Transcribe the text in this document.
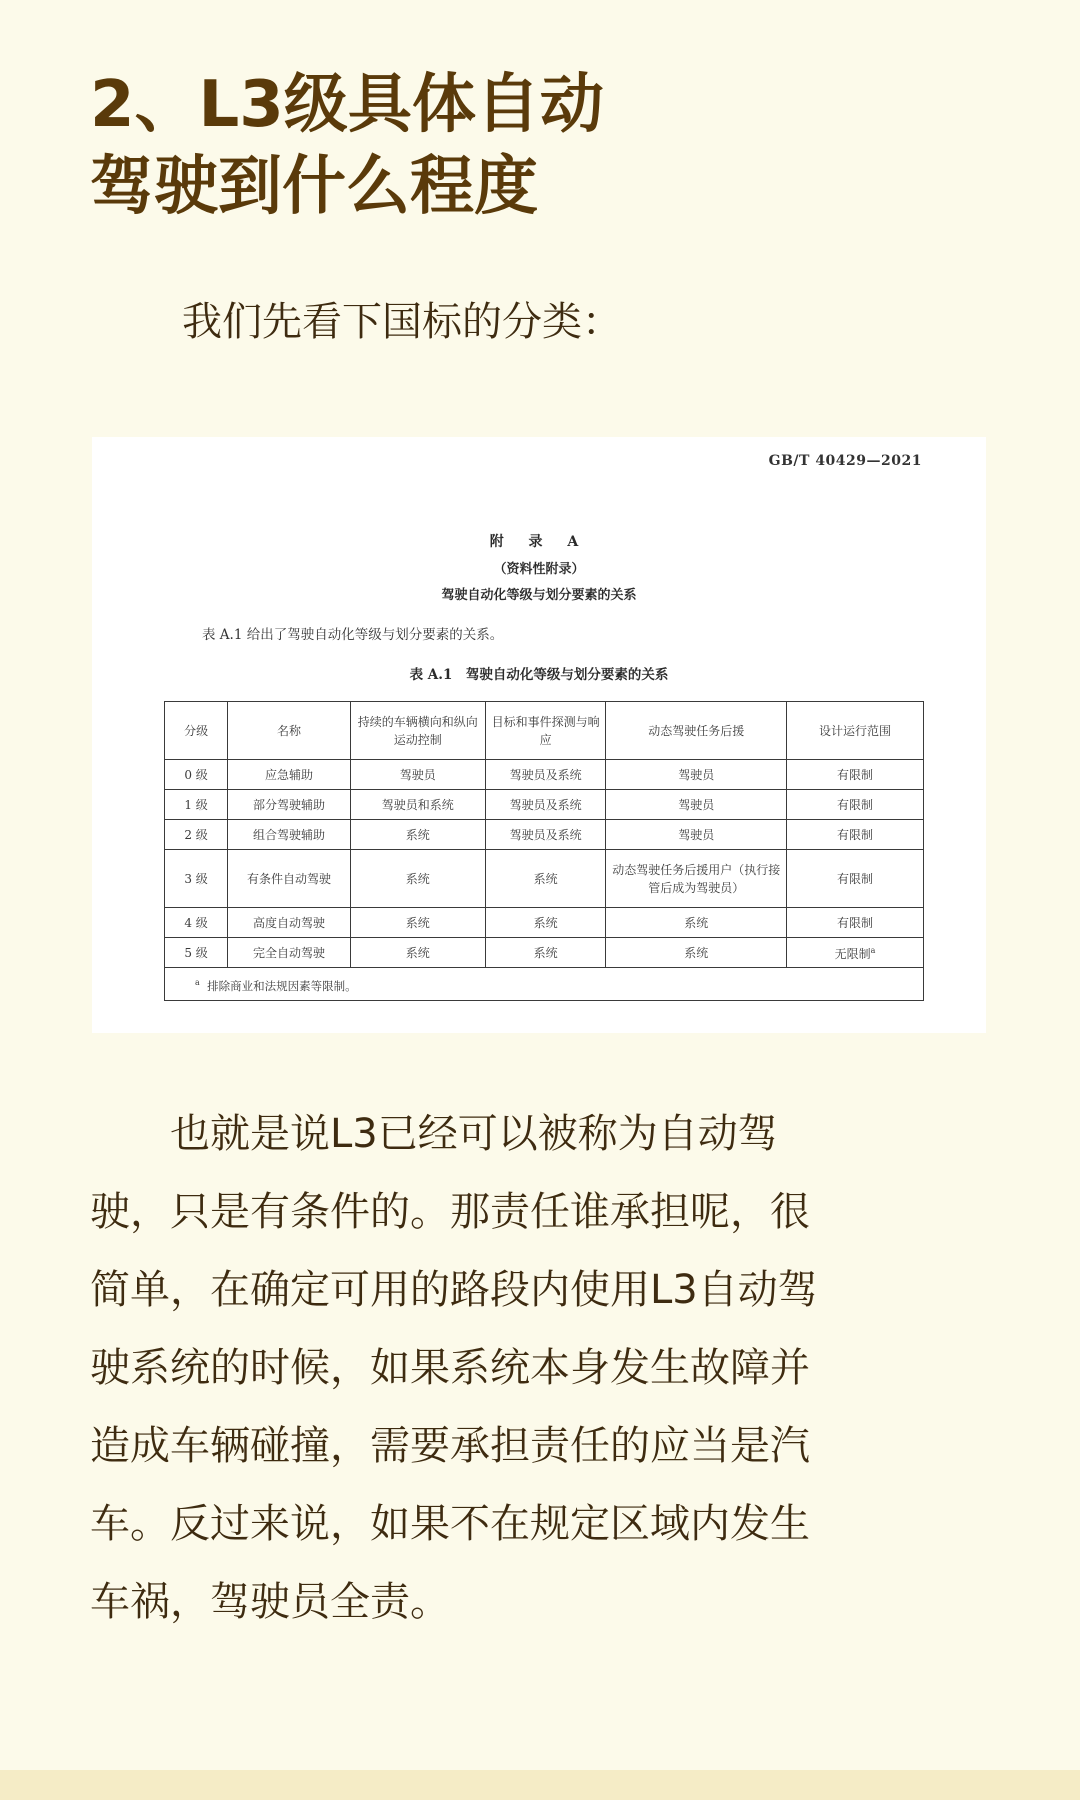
2、L3级具体自动
驾驶到什么程度
我们先看下国标的分类：
GB/T 40429—2021
附 录 A
（资料性附录）
驾驶自动化等级与划分要素的关系
表 A.1 给出了驾驶自动化等级与划分要素的关系。
表 A.1　驾驶自动化等级与划分要素的关系
分级	名称	持续的车辆横向和纵向运动控制	目标和事件探测与响应	动态驾驶任务后援	设计运行范围
0 级	应急辅助	驾驶员	驾驶员及系统	驾驶员	有限制
1 级	部分驾驶辅助	驾驶员和系统	驾驶员及系统	驾驶员	有限制
2 级	组合驾驶辅助	系统	驾驶员及系统	驾驶员	有限制
3 级	有条件自动驾驶	系统	系统	动态驾驶任务后援用户（执行接管后成为驾驶员）	有限制
4 级	高度自动驾驶	系统	系统	系统	有限制
5 级	完全自动驾驶	系统	系统	系统	无限制$^a$
$^a$ 排除商业和法规因素等限制。					
　　也就是说L3已经可以被称为自动驾
驶，只是有条件的。那责任谁承担呢，很
简单，在确定可用的路段内使用L3自动驾
驶系统的时候，如果系统本身发生故障并
造成车辆碰撞，需要承担责任的应当是汽
车。反过来说，如果不在规定区域内发生
车祸，驾驶员全责。
